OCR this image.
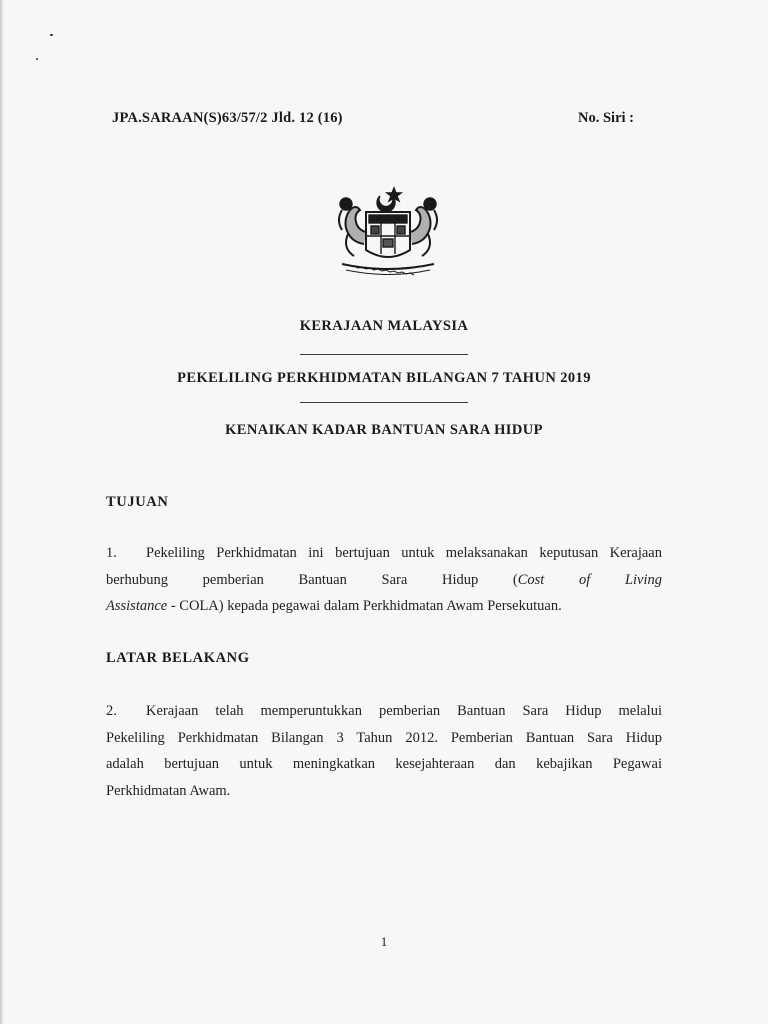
JPA.SARAAN(S)63/57/2 Jld. 12 (16)	No. Siri :
KERAJAAN MALAYSIA
PEKELILING PERKHIDMATAN BILANGAN 7 TAHUN 2019
KENAIKAN KADAR BANTUAN SARA HIDUP
TUJUAN
1. Pekeliling Perkhidmatan ini bertujuan untuk melaksanakan keputusan Kerajaan
berhubung pemberian Bantuan Sara Hidup (Cost of Living
Assistance - COLA) kepada pegawai dalam Perkhidmatan Awam Persekutuan.
LATAR BELAKANG
2. Kerajaan telah memperuntukkan pemberian Bantuan Sara Hidup melalui
Pekeliling Perkhidmatan Bilangan 3 Tahun 2012. Pemberian Bantuan Sara Hidup
adalah bertujuan untuk meningkatkan kesejahteraan dan kebajikan Pegawai
Perkhidmatan Awam.
1
